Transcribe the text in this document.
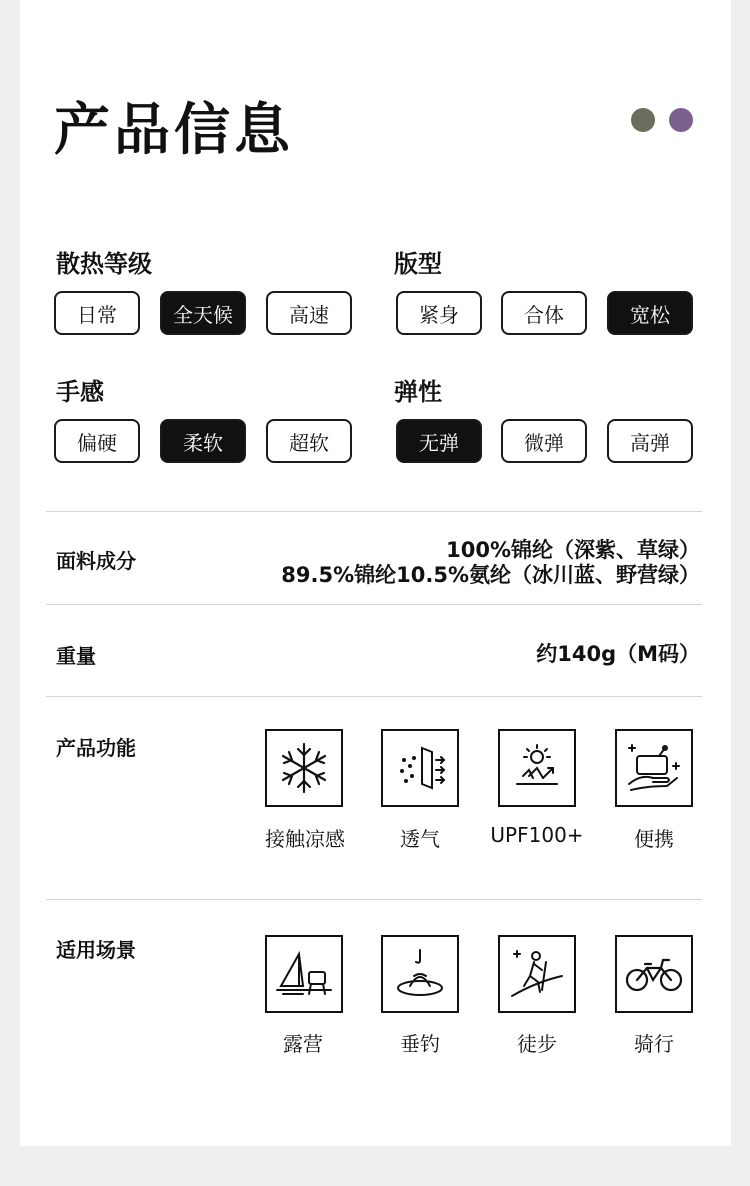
产品信息
散热等级
日常	全天候	高速
版型
紧身	合体	宽松
手感
偏硬	柔软	超软
弹性
无弹	微弹	高弹
面料成分	100%锦纶（深紫、草绿）
89.5%锦纶10.5%氨纶（冰川蓝、野营绿）
重量	约140g（M码）
产品功能
接触凉感	透气	UPF100+	便携
适用场景
露营	垂钓	徒步	骑行
